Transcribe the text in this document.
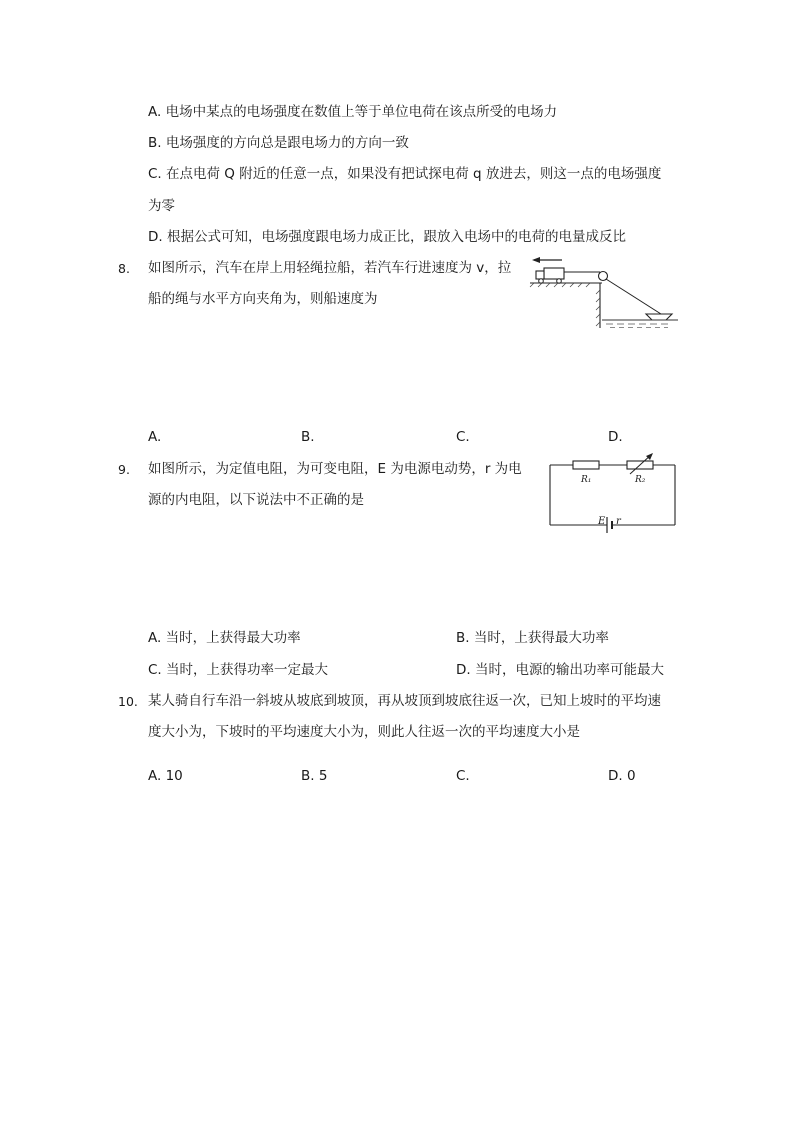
A. 电场中某点的电场强度在数值上等于单位电荷在该点所受的电场力
B. 电场强度的方向总是跟电场力的方向一致
C. 在点电荷 Q 附近的任意一点，如果没有把试探电荷 q 放进去，则这一点的电场强度
为零
D. 根据公式可知，电场强度跟电场力成正比，跟放入电场中的电荷的电量成反比
8. 如图所示，汽车在岸上用轻绳拉船，若汽车行进速度为 v，拉
船的绳与水平方向夹角为，则船速度为
A.	B.	C.	D.
9. 如图所示，为定值电阻，为可变电阻，E 为电源电动势，r 为电
源的内电阻，以下说法中不正确的是
R₁	R₂
E r
A. 当时，上获得最大功率	B. 当时，上获得最大功率
C. 当时，上获得功率一定最大	D. 当时，电源的输出功率可能最大
10. 某人骑自行车沿一斜坡从坡底到坡顶，再从坡顶到坡底往返一次，已知上坡时的平均速
度大小为，下坡时的平均速度大小为，则此人往返一次的平均速度大小是
A. 10	B. 5	C.	D. 0
